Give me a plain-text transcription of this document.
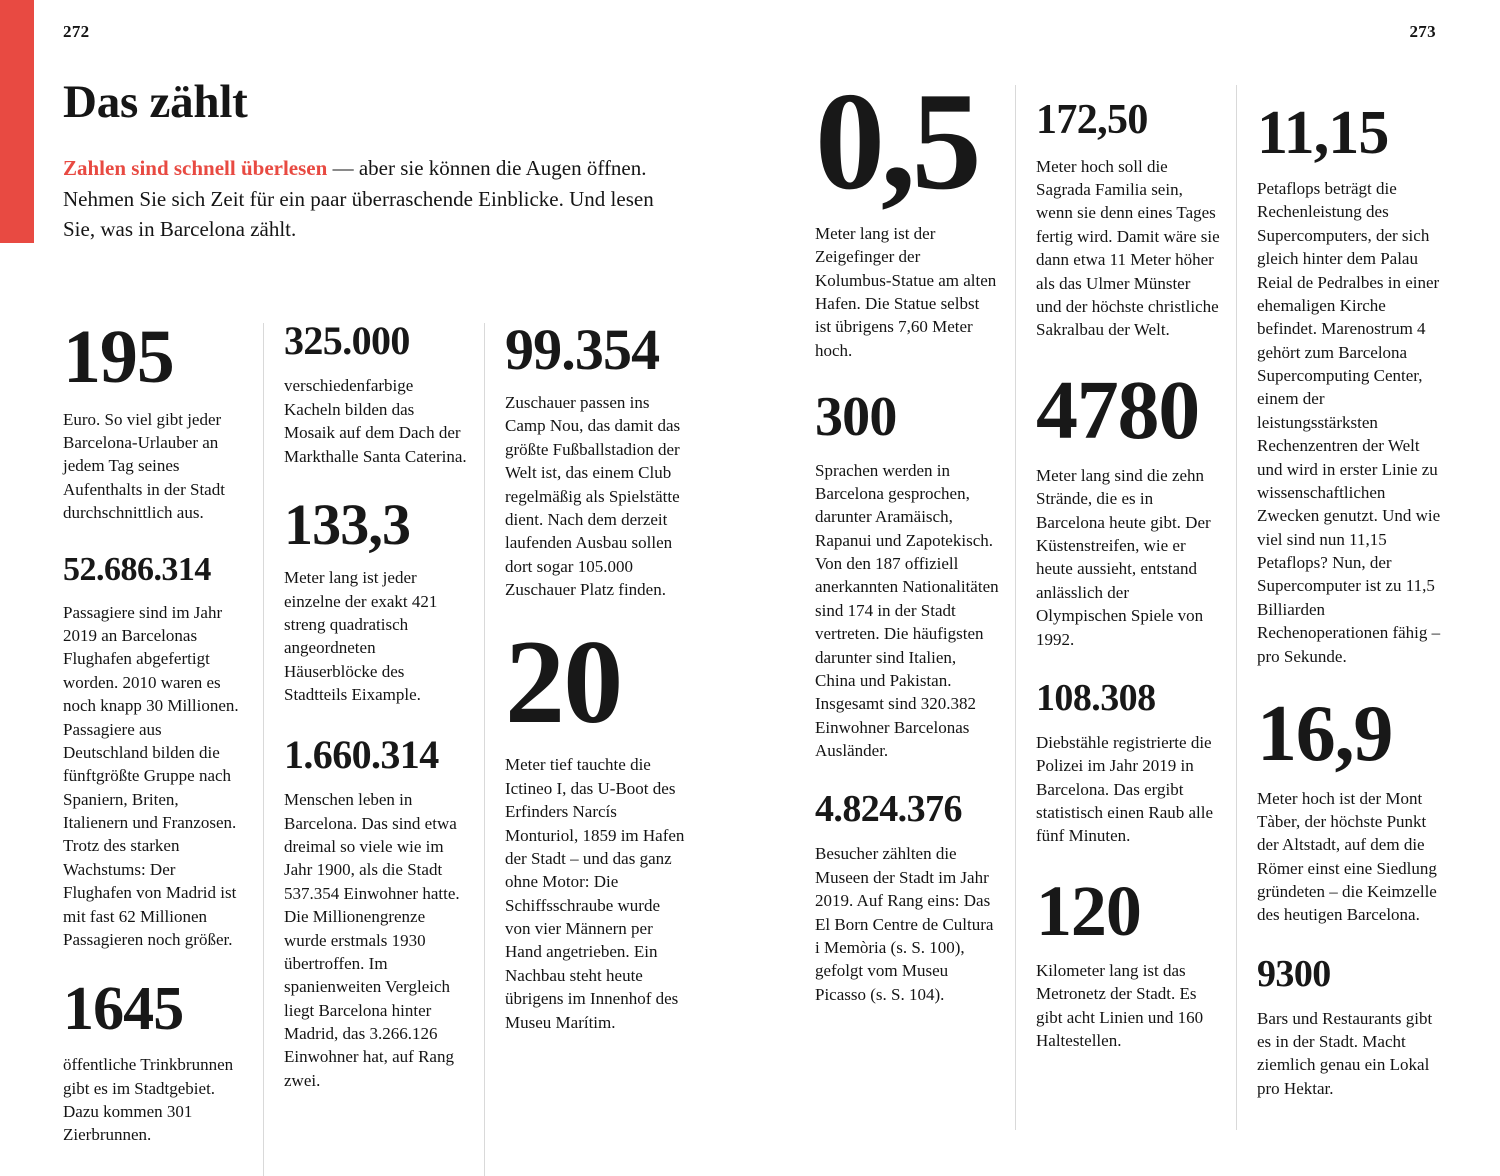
272	273
Das zählt

Zahlen sind schnell überlesen — aber sie können die Augen öffnen. Nehmen Sie sich Zeit für ein paar überraschende Einblicke. Und lesen Sie, was in Barcelona zählt.

195

Euro. So viel gibt jeder Barcelona-Urlauber an jedem Tag seines Aufenthalts in der Stadt durchschnittlich aus.

52.686.314

Passagiere sind im Jahr 2019 an Barcelonas Flughafen abgefertigt worden. 2010 waren es noch knapp 30 Millionen. Passagiere aus Deutschland bilden die fünftgrößte Gruppe nach Spaniern, Briten, Italienern und Franzosen. Trotz des starken Wachstums: Der Flughafen von Madrid ist mit fast 62 Millionen Passagieren noch größer.

1645

öffentliche Trinkbrunnen gibt es im Stadtgebiet. Dazu kommen 301 Zierbrunnen.

325.000

verschiedenfarbige Kacheln bilden das Mosaik auf dem Dach der Markthalle Santa Caterina.

133,3

Meter lang ist jeder einzelne der exakt 421 streng quadratisch angeordneten Häuserblöcke des Stadtteils Eixample.

1.660.314

Menschen leben in Barcelona. Das sind etwa dreimal so viele wie im Jahr 1900, als die Stadt 537.354 Einwohner hatte. Die Millionengrenze wurde erstmals 1930 übertroffen. Im spanienweiten Vergleich liegt Barcelona hinter Madrid, das 3.266.126 Einwohner hat, auf Rang zwei.

99.354

Zuschauer passen ins Camp Nou, das damit das größte Fußballstadion der Welt ist, das einem Club regelmäßig als Spielstätte dient. Nach dem derzeit laufenden Ausbau sollen dort sogar 105.000 Zuschauer Platz finden.

20

Meter tief tauchte die Ictineo I, das U-Boot des Erfinders Narcís Monturiol, 1859 im Hafen der Stadt – und das ganz ohne Motor: Die Schiffsschraube wurde von vier Männern per Hand angetrieben. Ein Nachbau steht heute übrigens im Innenhof des Museu Marítim.

0,5

Meter lang ist der Zeigefinger der Kolumbus-Statue am alten Hafen. Die Statue selbst ist übrigens 7,60 Meter hoch.

300

Sprachen werden in Barcelona gesprochen, darunter Aramäisch, Rapanui und Zapotekisch. Von den 187 offiziell anerkannten Nationalitäten sind 174 in der Stadt vertreten. Die häufigsten darunter sind Italien, China und Pakistan. Insgesamt sind 320.382 Einwohner Barcelonas Ausländer.

4.824.376

Besucher zählten die Museen der Stadt im Jahr 2019. Auf Rang eins: Das El Born Centre de Cultura i Memòria (s. S. 100), gefolgt vom Museu Picasso (s. S. 104).

172,50

Meter hoch soll die Sagrada Familia sein, wenn sie denn eines Tages fertig wird. Damit wäre sie dann etwa 11 Meter höher als das Ulmer Münster und der höchste christliche Sakralbau der Welt.

4780

Meter lang sind die zehn Strände, die es in Barcelona heute gibt. Der Küstenstreifen, wie er heute aussieht, entstand anlässlich der Olympischen Spiele von 1992.

108.308

Diebstähle registrierte die Polizei im Jahr 2019 in Barcelona. Das ergibt statistisch einen Raub alle fünf Minuten.

120

Kilometer lang ist das Metronetz der Stadt. Es gibt acht Linien und 160 Haltestellen.

11,15

Petaflops beträgt die Rechenleistung des Supercomputers, der sich gleich hinter dem Palau Reial de Pedralbes in einer ehemaligen Kirche befindet. Marenostrum 4 gehört zum Barcelona Supercomputing Center, einem der leistungsstärksten Rechenzentren der Welt und wird in erster Linie zu wissenschaftlichen Zwecken genutzt. Und wie viel sind nun 11,15 Petaflops? Nun, der Supercomputer ist zu 11,5 Billiarden Rechenoperationen fähig – pro Sekunde.

16,9

Meter hoch ist der Mont Tàber, der höchste Punkt der Altstadt, auf dem die Römer einst eine Siedlung gründeten – die Keimzelle des heutigen Barcelona.

9300

Bars und Restaurants gibt es in der Stadt. Macht ziemlich genau ein Lokal pro Hektar.
